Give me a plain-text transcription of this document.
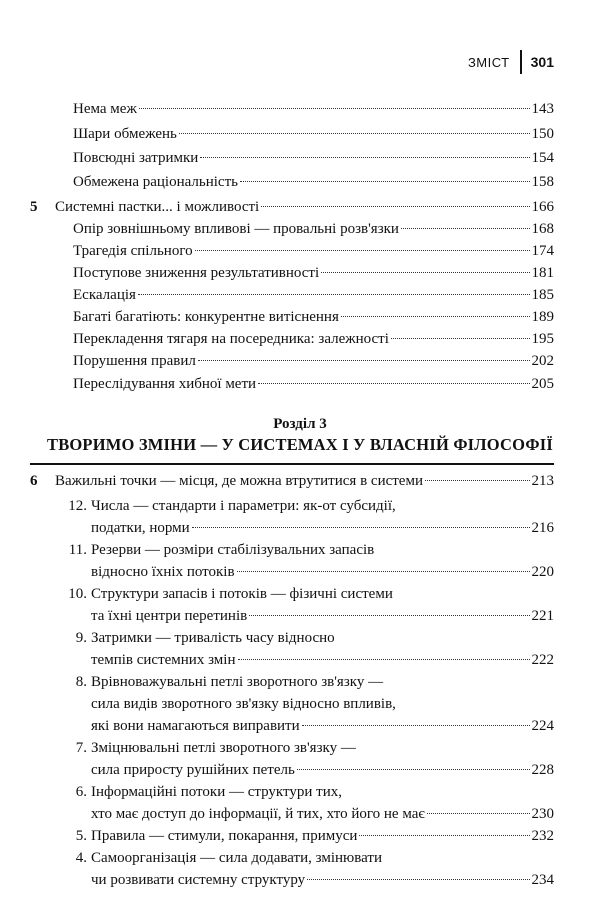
ЗМІСТ 301
Нема меж	143
Шари обмежень	150
Повсюдні затримки	154
Обмежена раціональність	158
5 Системні пастки... і можливості	166
Опір зовнішньому впливові — провальні розв'язки	168
Трагедія спільного	174
Поступове зниження результативності	181
Ескалація	185
Багаті багатіють: конкурентне витіснення	189
Перекладення тягаря на посередника: залежності	195
Порушення правил	202
Переслідування хибної мети	205
Розділ 3
ТВОРИМО ЗМІНИ — У СИСТЕМАХ І У ВЛАСНІЙ ФІЛОСОФІЇ
6 Важильні точки — місця, де можна втрутитися в системи	213
12. Числа — стандарти і параметри: як-от субсидії,
податки, норми	216
11. Резерви — розміри стабілізувальних запасів
відносно їхніх потоків	220
10. Структури запасів і потоків — фізичні системи
та їхні центри перетинів	221
9. Затримки — тривалість часу відносно
темпів системних змін	222
8. Врівноважувальні петлі зворотного зв'язку —
сила видів зворотного зв'язку відносно впливів,
які вони намагаються виправити	224
7. Зміцнювальні петлі зворотного зв'язку —
сила приросту рушійних петель	228
6. Інформаційні потоки — структури тих,
хто має доступ до інформації, й тих, хто його не має	230
5. Правила — стимули, покарання, примуси	232
4. Самоорганізація — сила додавати, змінювати
чи розвивати системну структуру	234
